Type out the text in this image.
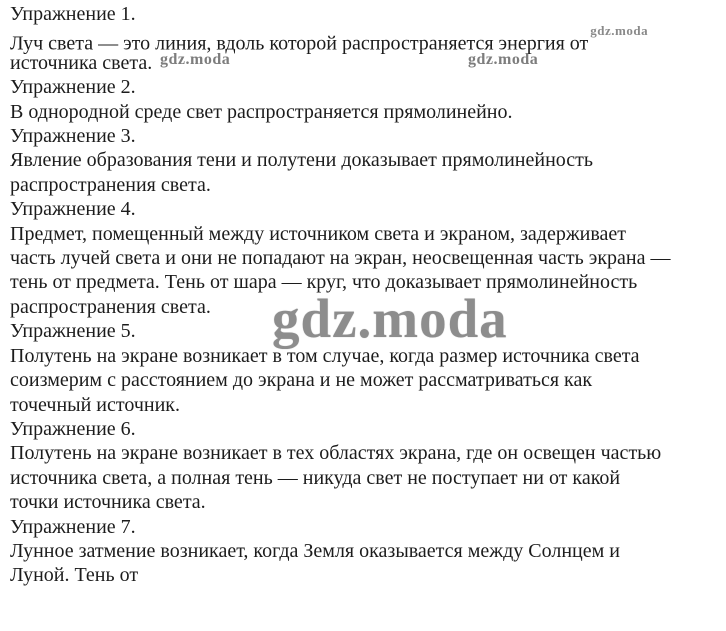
Упражнение 1.
Луч света — это линия, вдоль которой распространяется энергия $от^{gdz.moda}$
источника света. gdz.moda	gdz.moda
Упражнение 2.
В однородной среде свет распространяется прямолинейно.
Упражнение 3.
Явление образования тени и полутени доказывает прямолинейность
распространения света.
Упражнение 4.
Предмет, помещенный между источником света и экраном, задерживает
часть лучей света и они не попадают на экран, неосвещенная часть экрана —
тень от предмета. Тень от шара — круг, что доказывает прямолинейность
распространения света.
Упражнение 5.
Полутень на экране возникает в том случае, когда размер источника света
соизмерим с расстоянием до экрана и не может рассматриваться как
точечный источник.
Упражнение 6.
Полутень на экране возникает в тех областях экрана, где он освещен частью
источника света, а полная тень — никуда свет не поступает ни от какой
точки источника света.
Упражнение 7.
Лунное затмение возникает, когда Земля оказывается между Солнцем и
Луной. Тень от
gdz.moda
